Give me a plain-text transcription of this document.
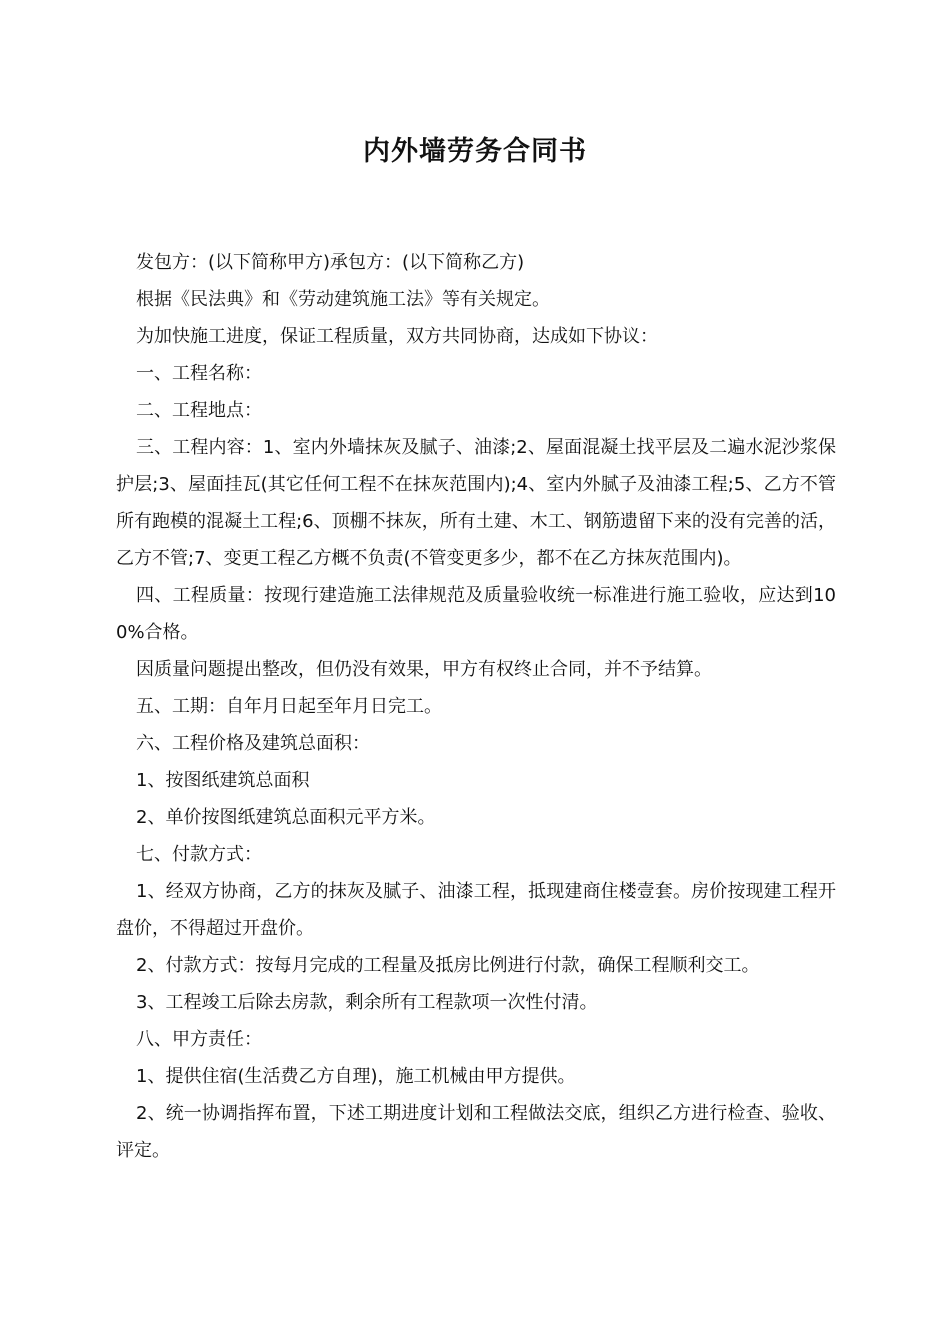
内外墙劳务合同书

发包方：(以下简称甲方)承包方：(以下简称乙方)

根据《民法典》和《劳动建筑施工法》等有关规定。

为加快施工进度，保证工程质量，双方共同协商，达成如下协议：

一、工程名称：

二、工程地点：

三、工程内容：1、室内外墙抹灰及腻子、油漆;2、屋面混凝土找平层及二遍水泥沙浆保护层;3、屋面挂瓦(其它任何工程不在抹灰范围内);4、室内外腻子及油漆工程;5、乙方不管所有跑模的混凝土工程;6、顶棚不抹灰，所有土建、木工、钢筋遗留下来的没有完善的活，乙方不管;7、变更工程乙方概不负责(不管变更多少，都不在乙方抹灰范围内)。

四、工程质量：按现行建造施工法律规范及质量验收统一标准进行施工验收，应达到100%合格。

因质量问题提出整改，但仍没有效果，甲方有权终止合同，并不予结算。

五、工期：自年月日起至年月日完工。

六、工程价格及建筑总面积：

1、按图纸建筑总面积

2、单价按图纸建筑总面积元平方米。

七、付款方式：

1、经双方协商，乙方的抹灰及腻子、油漆工程，抵现建商住楼壹套。房价按现建工程开盘价，不得超过开盘价。

2、付款方式：按每月完成的工程量及抵房比例进行付款，确保工程顺利交工。

3、工程竣工后除去房款，剩余所有工程款项一次性付清。

八、甲方责任：

1、提供住宿(生活费乙方自理)，施工机械由甲方提供。

2、统一协调指挥布置，下述工期进度计划和工程做法交底，组织乙方进行检查、验收、评定。
